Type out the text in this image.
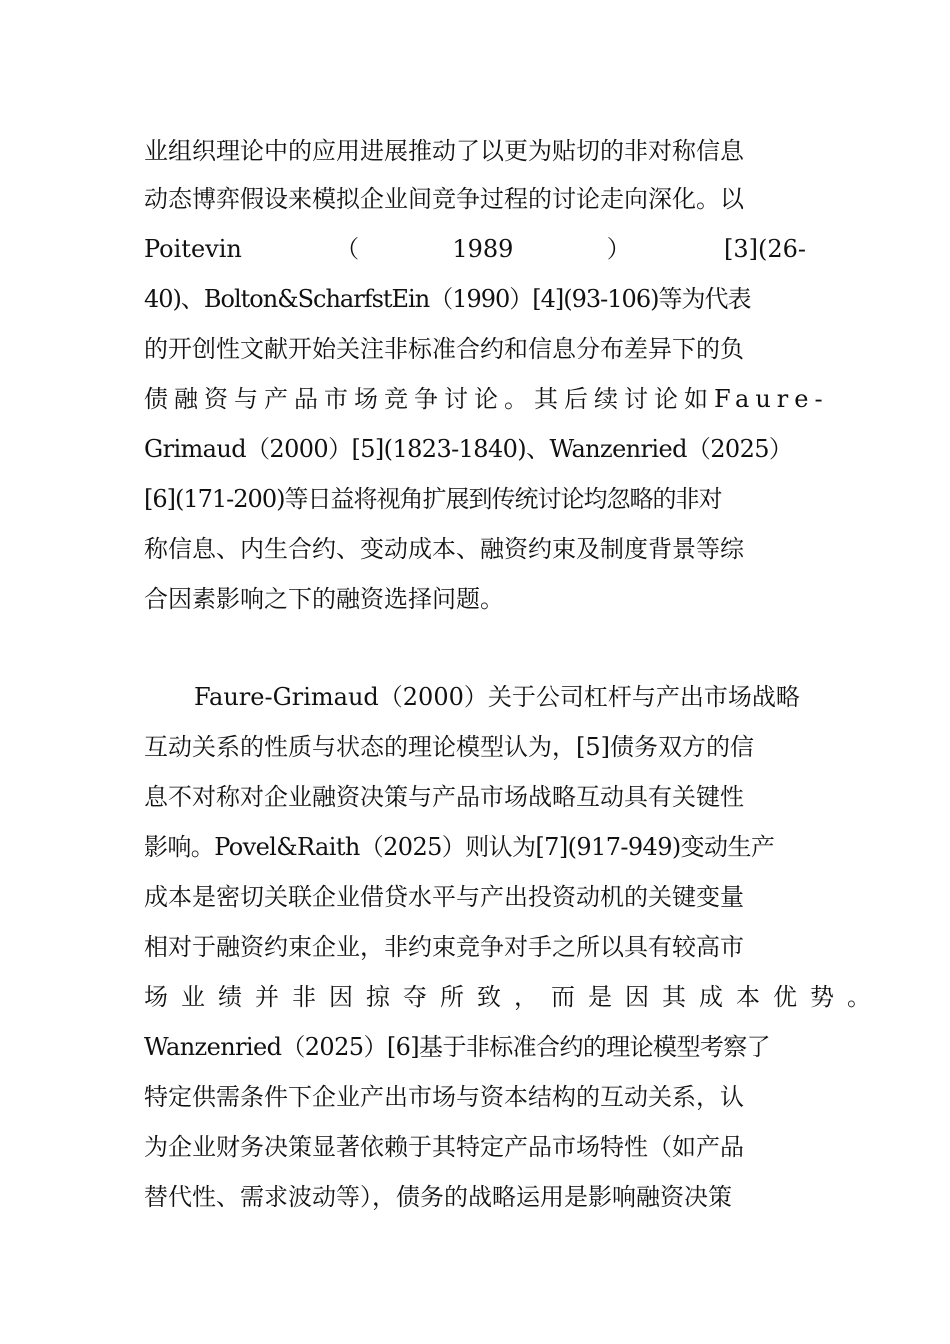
业组织理论中的应用进展推动了以更为贴切的非对称信息
动态博弈假设来模拟企业间竞争过程的讨论走向深化。以
Poitevin	（	1989	）	[3](26-
40)、Bolton&ScharfstEin（1990）[4](93-106)等为代表
的开创性文献开始关注非标准合约和信息分布差异下的负
债融资与产品市场竞争讨论。其后续讨论如Faure-
Grimaud（2000）[5](1823-1840)、Wanzenried（2025）
[6](171-200)等日益将视角扩展到传统讨论均忽略的非对
称信息、内生合约、变动成本、融资约束及制度背景等综
合因素影响之下的融资选择问题。
Faure-Grimaud（2000）关于公司杠杆与产出市场战略
互动关系的性质与状态的理论模型认为，[5]债务双方的信
息不对称对企业融资决策与产品市场战略互动具有关键性
影响。Povel&Raith（2025）则认为[7](917-949)变动生产
成本是密切关联企业借贷水平与产出投资动机的关键变量
相对于融资约束企业，非约束竞争对手之所以具有较高市
场业绩并非因掠夺所致，而是因其成本优势。
Wanzenried（2025）[6]基于非标准合约的理论模型考察了
特定供需条件下企业产出市场与资本结构的互动关系，认
为企业财务决策显著依赖于其特定产品市场特性（如产品
替代性、需求波动等），债务的战略运用是影响融资决策
